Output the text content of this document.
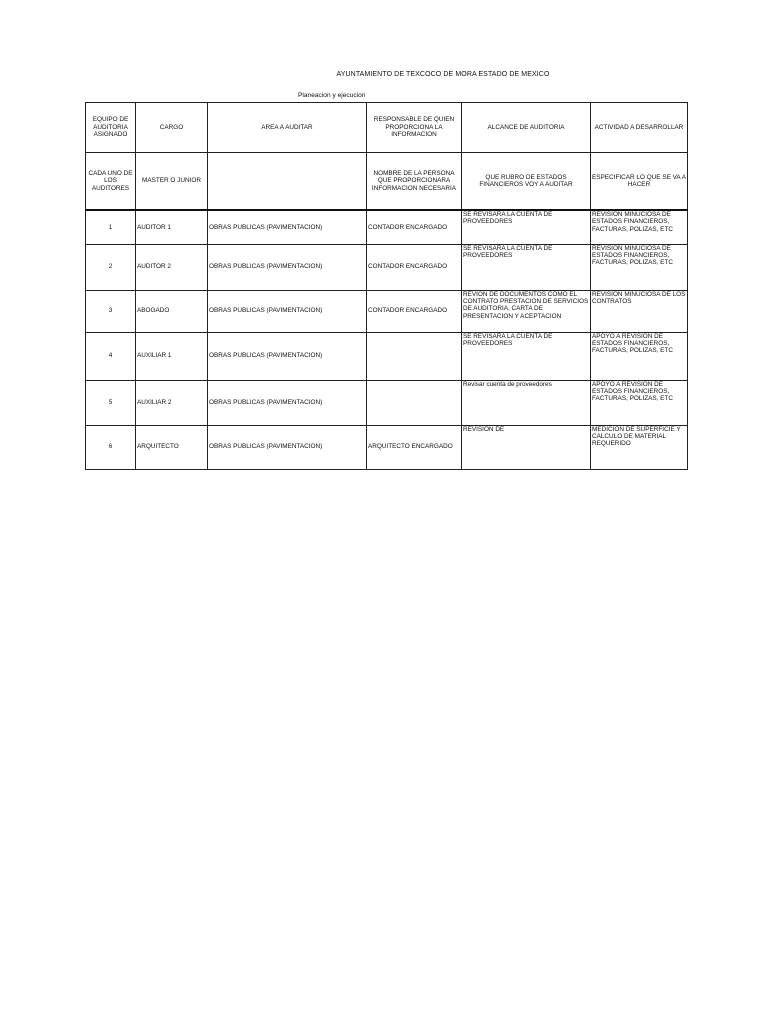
AYUNTAMIENTO DE TEXCOCO DE MORA ESTADO DE MEXICO
Planeacion y ejecucion
EQUIPO DE AUDITORIA ASIGNADO	CARGO	AREA A AUDITAR	RESPONSABLE DE QUIEN PROPORCIONA LA INFORMACION	ALCANCE DE AUDITORIA	ACTIVIDAD A DESARROLLAR
CADA UNO DE LOS AUDITORES	MASTER O JUNIOR		NOMBRE DE LA PERSONA QUE PROPORCIONARA INFORMACION NECESARIA	QUE RUBRO DE ESTADOS FINANCIEROS VOY A AUDITAR	ESPECIFICAR LO QUE SE VA A HACER
1	AUDITOR 1	OBRAS PUBLICAS (PAVIMENTACION)	CONTADOR ENCARGADO	SE REVISARA LA CUENTA DE PROVEEDORES	REVISION MINUCIOSA DE ESTADOS FINANCIEROS, FACTURAS, POLIZAS, ETC
2	AUDITOR 2	OBRAS PUBLICAS (PAVIMENTACION)	CONTADOR ENCARGADO	SE REVISARA LA CUENTA DE PROVEEDORES	REVISION MINUCIOSA DE ESTADOS FINANCIEROS, FACTURAS, POLIZAS, ETC
3	ABOGADO	OBRAS PUBLICAS (PAVIMENTACION)	CONTADOR ENCARGADO	REVION DE DOCUMENTOS COMO EL CONTRATO PRESTACION DE SERVICIOS DE AUDITORIA, CARTA DE PRESENTACION Y ACEPTACION	REVISION MINUCIOSA DE LOS CONTRATOS
4	AUXILIAR 1	OBRAS PUBLICAS (PAVIMENTACION)		SE REVISARA LA CUENTA DE PROVEEDORES	APOYO A REVISION DE ESTADOS FINANCIEROS, FACTURAS, POLIZAS, ETC
5	AUXILIAR 2	OBRAS PUBLICAS (PAVIMENTACION)		Revisar cuenta de proveedores	APOYO A REVISION DE ESTADOS FINANCIEROS, FACTURAS, POLIZAS, ETC
6	ARQUITECTO	OBRAS PUBLICAS (PAVIMENTACION)	ARQUITECTO ENCARGADO	REVISION DE	MEDICION DE SUPERFICIE Y CALCULO DE MATERIAL REQUERIDO
